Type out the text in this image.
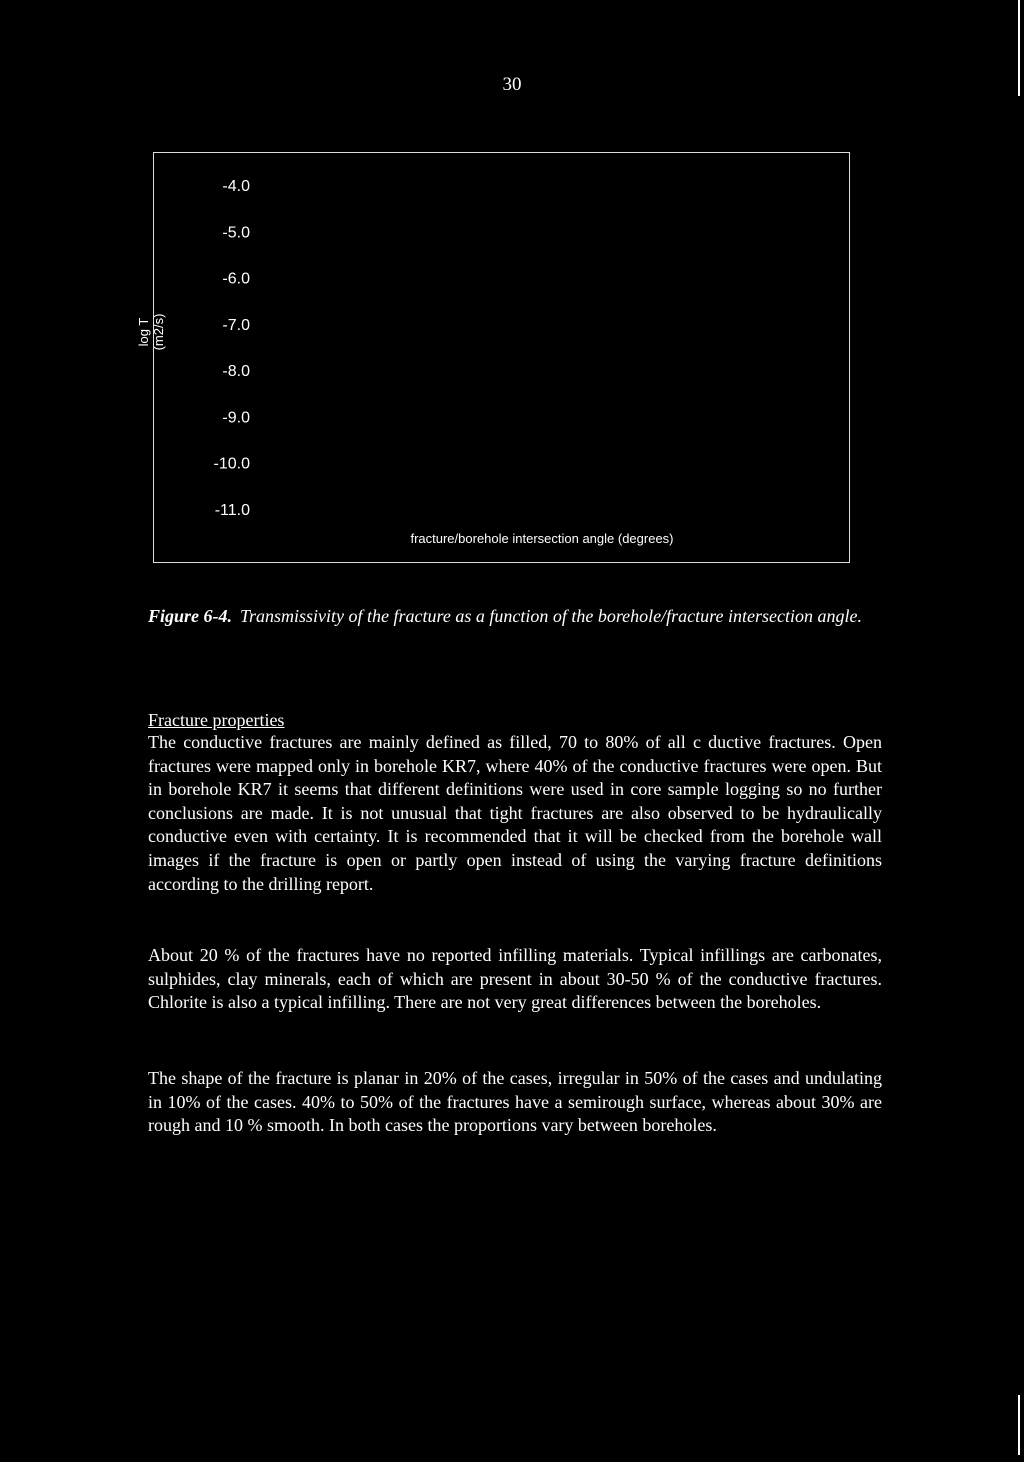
30
-4.0
-5.0
-6.0
-7.0
-8.0
-9.0
-10.0
-11.0
fracture/borehole intersection angle (degrees)
log T (m2/s)
Figure 6-4. Transmissivity of the fracture as a function of the borehole/fracture intersection angle.
Fracture properties
The conductive fractures are mainly defined as filled, 70 to 80% of all c ductive fractures. Open fractures were mapped only in borehole KR7, where 40% of the conductive fractures were open. But in borehole KR7 it seems that different definitions were used in core sample logging so no further conclusions are made. It is not unusual that tight fractures are also observed to be hydraulically conductive even with certainty. It is recommended that it will be checked from the borehole wall images if the fracture is open or partly open instead of using the varying fracture definitions according to the drilling report.
About 20 % of the fractures have no reported infilling materials. Typical infillings are carbonates, sulphides, clay minerals, each of which are present in about 30-50 % of the conductive fractures. Chlorite is also a typical infilling. There are not very great differences between the boreholes.
The shape of the fracture is planar in 20% of the cases, irregular in 50% of the cases and undulating in 10% of the cases. 40% to 50% of the fractures have a semirough surface, whereas about 30% are rough and 10 % smooth. In both cases the proportions vary between boreholes.
